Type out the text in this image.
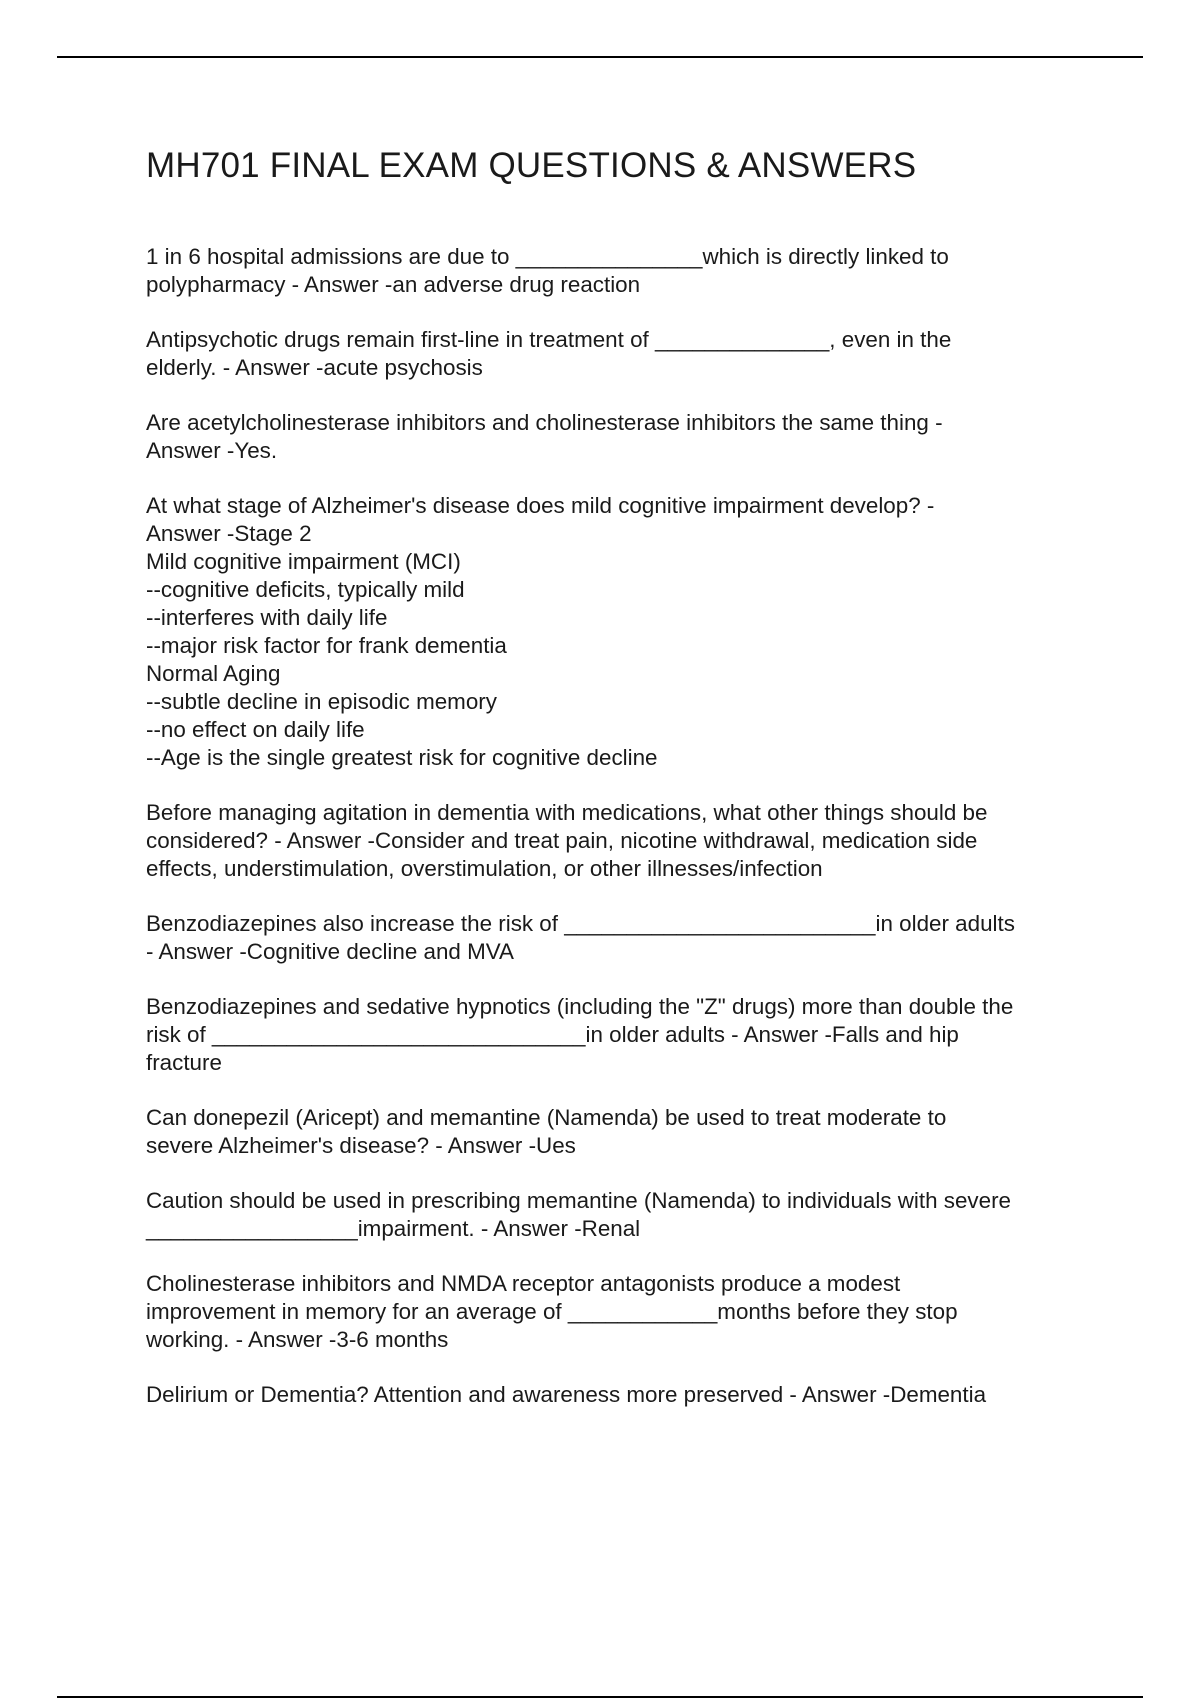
MH701 FINAL EXAM QUESTIONS & ANSWERS

1 in 6 hospital admissions are due to _______________which is directly linked to
polypharmacy - Answer -an adverse drug reaction

Antipsychotic drugs remain first-line in treatment of ______________, even in the
elderly. - Answer -acute psychosis

Are acetylcholinesterase inhibitors and cholinesterase inhibitors the same thing -
Answer -Yes.

At what stage of Alzheimer's disease does mild cognitive impairment develop? -
Answer -Stage 2
Mild cognitive impairment (MCI)
--cognitive deficits, typically mild
--interferes with daily life
--major risk factor for frank dementia
Normal Aging
--subtle decline in episodic memory
--no effect on daily life
--Age is the single greatest risk for cognitive decline

Before managing agitation in dementia with medications, what other things should be
considered? - Answer -Consider and treat pain, nicotine withdrawal, medication side
effects, understimulation, overstimulation, or other illnesses/infection

Benzodiazepines also increase the risk of _________________________in older adults
- Answer -Cognitive decline and MVA

Benzodiazepines and sedative hypnotics (including the "Z" drugs) more than double the
risk of ______________________________in older adults - Answer -Falls and hip
fracture

Can donepezil (Aricept) and memantine (Namenda) be used to treat moderate to
severe Alzheimer's disease? - Answer -Ues

Caution should be used in prescribing memantine (Namenda) to individuals with severe
_________________impairment. - Answer -Renal

Cholinesterase inhibitors and NMDA receptor antagonists produce a modest
improvement in memory for an average of ____________months before they stop
working. - Answer -3-6 months

Delirium or Dementia? Attention and awareness more preserved - Answer -Dementia
